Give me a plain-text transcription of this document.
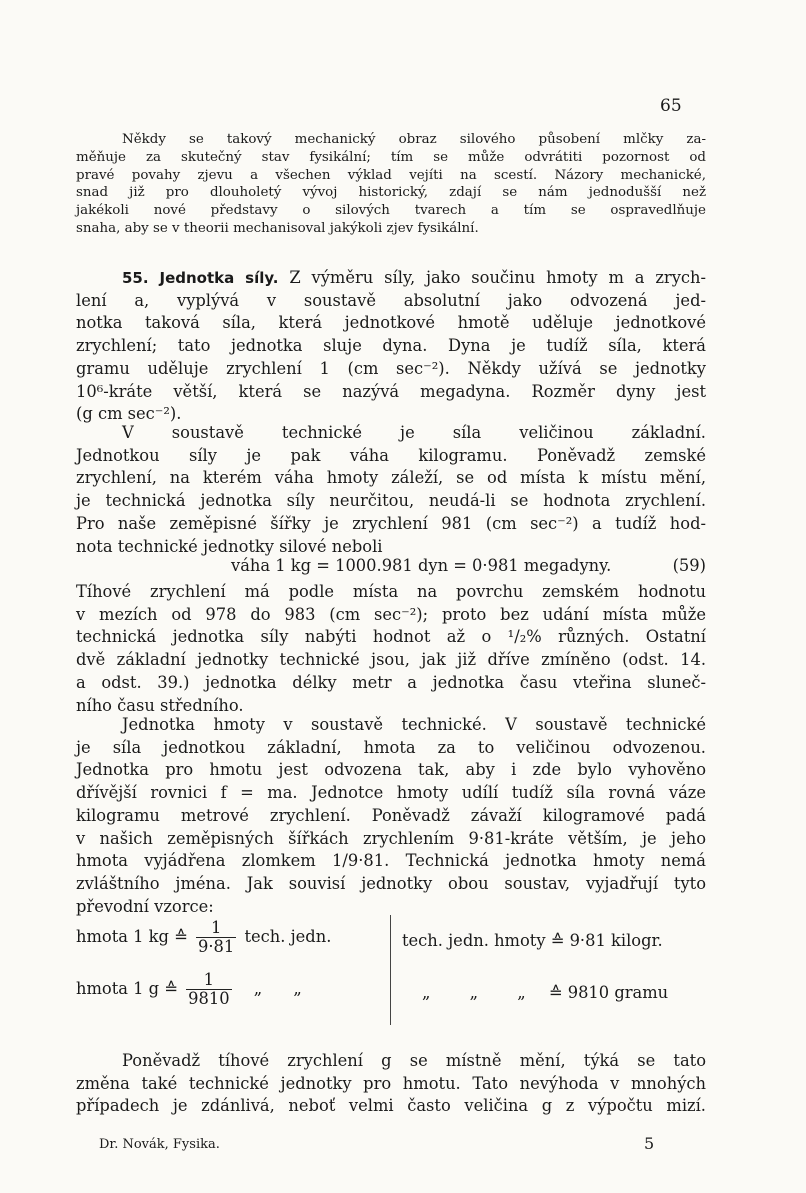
65
Někdy se takový mechanický obraz silového působení mlčky za-
měňuje za skutečný stav fysikální; tím se může odvrátiti pozornost od
pravé povahy zjevu a všechen výklad vejíti na scestí. Názory mechanické,
snad již pro dlouholetý vývoj historický, zdají se nám jednodušší než
jakékoli nové představy o silových tvarech a tím se ospravedlňuje
snaha, aby se v theorii mechanisoval jakýkoli zjev fysikální.
55. Jednotka síly. Z výměru síly, jako součinu hmoty m a zrych-
lení a, vyplývá v soustavě absolutní jako odvozená jed-
notka taková síla, která jednotkové hmotě uděluje jednotkové
zrychlení; tato jednotka sluje dyna. Dyna je tudíž síla, která
gramu uděluje zrychlení 1 (cm sec⁻²). Někdy užívá se jednotky
10⁶-kráte větší, která se nazývá megadyna. Rozměr dyny jest
(g cm sec⁻²).
V soustavě technické je síla veličinou základní.
Jednotkou síly je pak váha kilogramu. Poněvadž zemské
zrychlení, na kterém váha hmoty záleží, se od místa k místu mění,
je technická jednotka síly neurčitou, neudá-li se hodnota zrychlení.
Pro naše zeměpisné šířky je zrychlení 981 (cm sec⁻²) a tudíž hod-
nota technické jednotky silové neboli
váha 1 kg = 1000.981 dyn = 0·981 megadyny.	(59)
Tíhové zrychlení má podle místa na povrchu zemském hodnotu
v mezích od 978 do 983 (cm sec⁻²); proto bez udání místa může
technická jednotka síly nabýti hodnot až o ¹/₂% různých. Ostatní
dvě základní jednotky technické jsou, jak již dříve zmíněno (odst. 14.
a odst. 39.) jednotka délky metr a jednotka času vteřina sluneč-
ního času středního.
Jednotka hmoty v soustavě technické. V soustavě technické
je síla jednotkou základní, hmota za to veličinou odvozenou.
Jednotka pro hmotu jest odvozena tak, aby i zde bylo vyhověno
dřívější rovnici f = ma. Jednotce hmoty udílí tudíž síla rovná váze
kilogramu metrové zrychlení. Poněvadž závaží kilogramové padá
v našich zeměpisných šířkách zrychlením 9·81-kráte větším, je jeho
hmota vyjádřena zlomkem 1/9·81. Technická jednotka hmoty nemá
zvláštního jména. Jak souvisí jednotky obou soustav, vyjadřují tyto
převodní vzorce:
hmota 1 kg ≙ $\frac{1}{9\cdot 81}$ tech. jedn.	tech. jedn. hmoty ≙ 9·81 kilogr.
hmota 1 g ≙ $\frac{1}{9810}$ „ „	„ „ „ ≙ 9810 gramu
Poněvadž tíhové zrychlení g se místně mění, týká se tato
změna také technické jednotky pro hmotu. Tato nevýhoda v mnohých
případech je zdánlivá, neboť velmi často veličina g z výpočtu mizí.
Dr. Novák, Fysika.	5
